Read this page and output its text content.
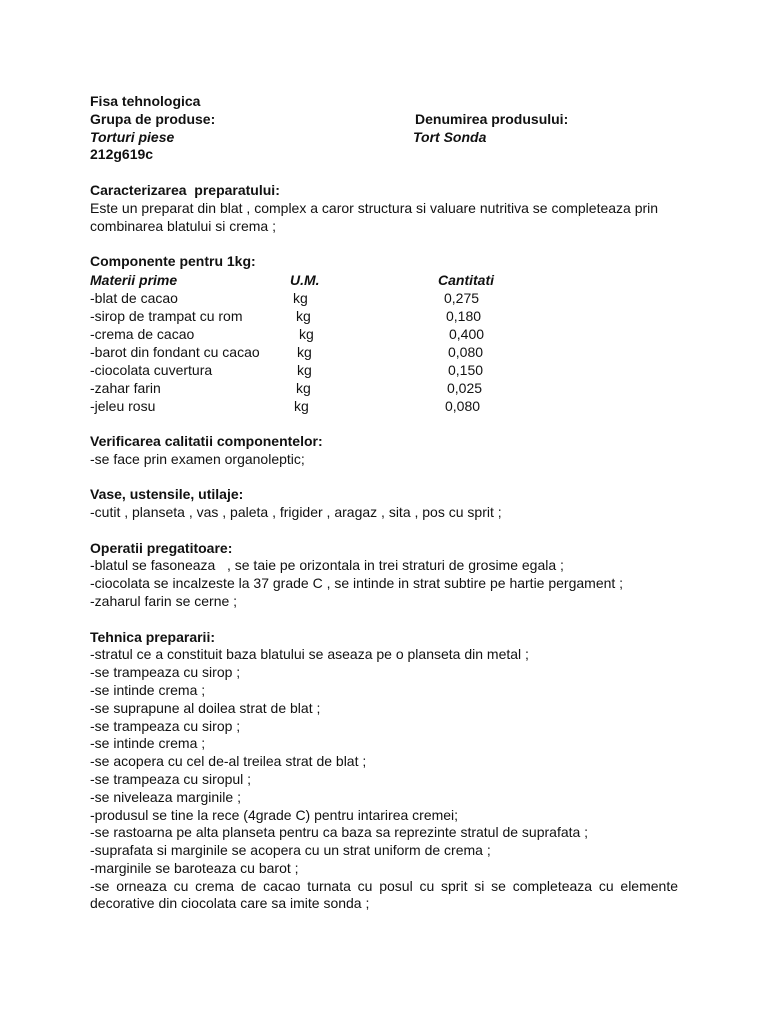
Fisa tehnologica
Grupa de produse:	Denumirea produsului:
Torturi piese	Tort Sonda
212g619c
Caracterizarea  preparatului:
Este un preparat din blat , complex a caror structura si valuare nutritiva se completeaza prin combinarea blatului si crema ;
Componente pentru 1kg:
Materii prime	U.M.	Cantitati
-blat de cacao	kg	0,275
-sirop de trampat cu rom	kg	0,180
-crema de cacao	kg	0,400
-barot din fondant cu cacao	kg	0,080
-ciocolata cuvertura	kg	0,150
-zahar farin	kg	0,025
-jeleu rosu	kg	0,080
Verificarea calitatii componentelor:
-se face prin examen organoleptic;
Vase, ustensile, utilaje:
-cutit , planseta , vas , paleta , frigider , aragaz , sita , pos cu sprit ;
Operatii pregatitoare:
-blatul se fasoneaza   , se taie pe orizontala in trei straturi de grosime egala ;
-ciocolata se incalzeste la 37 grade C , se intinde in strat subtire pe hartie pergament ;
-zaharul farin se cerne ;
Tehnica prepararii:
-stratul ce a constituit baza blatului se aseaza pe o planseta din metal ;
-se trampeaza cu sirop ;
-se intinde crema ;
-se suprapune al doilea strat de blat ;
-se trampeaza cu sirop ;
-se intinde crema ;
-se acopera cu cel de-al treilea strat de blat ;
-se trampeaza cu siropul ;
-se niveleaza marginile ;
-produsul se tine la rece (4grade C) pentru intarirea cremei;
-se rastoarna pe alta planseta pentru ca baza sa reprezinte stratul de suprafata ;
-suprafata si marginile se acopera cu un strat uniform de crema ;
-marginile se baroteaza cu barot ;
-se orneaza cu crema de cacao turnata cu posul cu sprit si se completeaza cu elemente decorative din ciocolata care sa imite sonda ;
